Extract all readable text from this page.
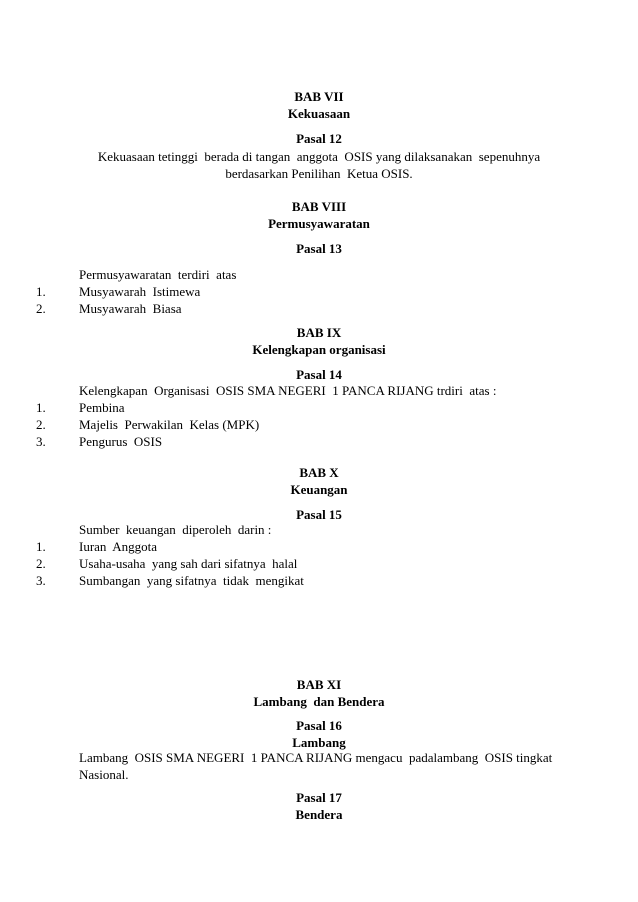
BAB VII
Kekuasaan
Pasal 12
Kekuasaan tetinggi  berada di tangan  anggota  OSIS yang dilaksanakan  sepenuhnya
berdasarkan Penilihan  Ketua OSIS.
BAB VIII
Permusyawaratan
Pasal 13
Permusyawaratan  terdiri  atas
1.	Musyawarah  Istimewa
2.	Musyawarah  Biasa
BAB IX
Kelengkapan organisasi
Pasal 14
Kelengkapan  Organisasi  OSIS SMA NEGERI  1 PANCA RIJANG trdiri  atas :
1.	Pembina
2.	Majelis  Perwakilan  Kelas (MPK)
3.	Pengurus  OSIS
BAB X
Keuangan
Pasal 15
Sumber  keuangan  diperoleh  darin :
1.	Iuran  Anggota
2.	Usaha-usaha  yang sah dari sifatnya  halal
3.	Sumbangan  yang sifatnya  tidak  mengikat
BAB XI
Lambang  dan Bendera
Pasal 16
Lambang
Lambang  OSIS SMA NEGERI  1 PANCA RIJANG mengacu  padalambang  OSIS tingkat
Nasional.
Pasal 17
Bendera
